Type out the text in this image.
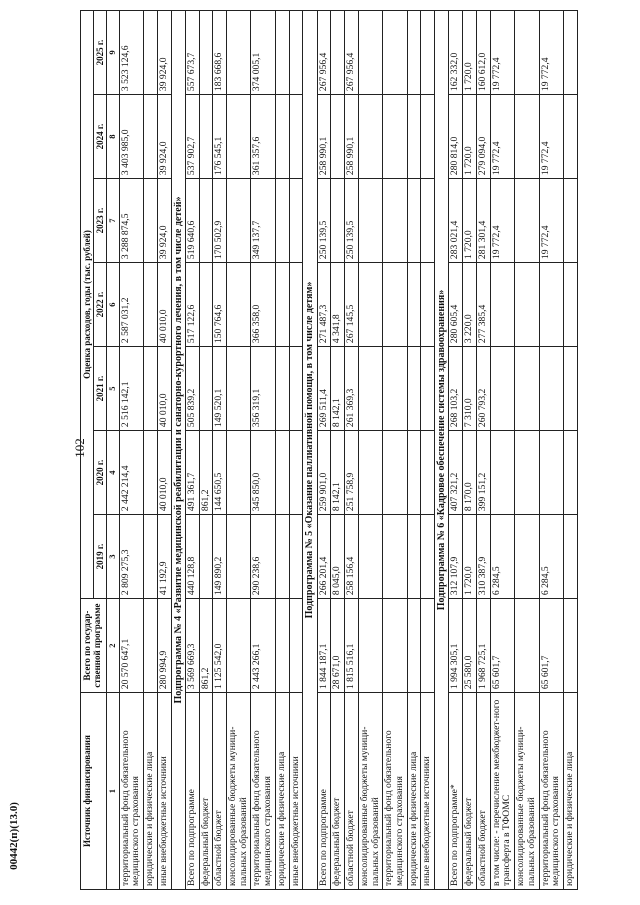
102
00442(п)(13.0)	Источник финансирования	Всего по государ-ственной программе	Оценка расходов, годы (тыс. рублей)						
		2019 г.	2020 г.	2021 г.	2022 г.	2023 г.	2024 г.	2025 г.
1	2	3	4	5	6	7	8	9
территориальный фонд обязательного медицинского страхования	20 570 647,1	2 809 275,3	2 442 214,4	2 516 142,1	2 587 031,2	3 288 874,5	3 403 985,0	3 523 124,6
юридические и физические лица								
иные внебюджетные источники	280 994,9	41 192,9	40 010,0	40 010,0	40 010,0	39 924,0	39 924,0	39 924,0
Подпрограмма № 4 «Развитие медицинской реабилитации и санаторно-курортного лечения, в том числе детей»								
Всего по подпрограмме	3 569 669,3	440 128,8	491 361,7	505 839,2	517 122,6	519 640,6	537 902,7	557 673,7
федеральный бюджет	861,2		861,2					
областной бюджет	1 125 542,0	149 890,2	144 650,5	149 520,1	150 764,6	170 502,9	176 545,1	183 668,6
консолидированные бюджеты муници-пальных образований								
территориальный фонд обязательного медицинского страхования	2 443 266,1	290 238,6	345 850,0	356 319,1	366 358,0	349 137,7	361 357,6	374 005,1
юридические и физические лица								
иные внебюджетные источники								
Подпрограмма № 5 «Оказание паллиативной помощи, в том числе детям»								
Всего по подпрограмме	1 844 187,1	266 201,4	259 901,0	269 511,4	271 487,3	250 139,5	258 990,1	267 956,4
федеральный бюджет	28 671,0	8 045,0	8 142,1	8 142,1	4 341,8			
областной бюджет	1 815 516,1	258 156,4	251 758,9	261 369,3	267 145,5	250 139,5	258 990,1	267 956,4
консолидированные бюджеты муници-пальных образований								
территориальный фонд обязательного медицинского страхования								
юридические и физические лица								
иные внебюджетные источники								
Подпрограмма № 6 «Кадровое обеспечение системы здравоохранения»								
Всего по подпрограмме*	1 994 305,1	312 107,9	407 321,2	268 103,2	280 605,4	283 021,4	280 814,0	162 332,0
федеральный бюджет	25 580,0	1 720,0	8 170,0	7 310,0	3 220,0	1 720,0	1 720,0	1 720,0
областной бюджет	1 968 725,1	310 387,9	399 151,2	260 793,2	277 385,4	281 301,4	279 094,0	160 612,0
в том числе: - перечисление межбюджет-ного трансферта в ТФОМС	65 601,7	6 284,5				19 772,4	19 772,4	19 772,4
консолидированные бюджеты муници-пальных образований								
территориальный фонд обязательного медицинского страхования	65 601,7	6 284,5				19 772,4	19 772,4	19 772,4
юридические и физические лица								
